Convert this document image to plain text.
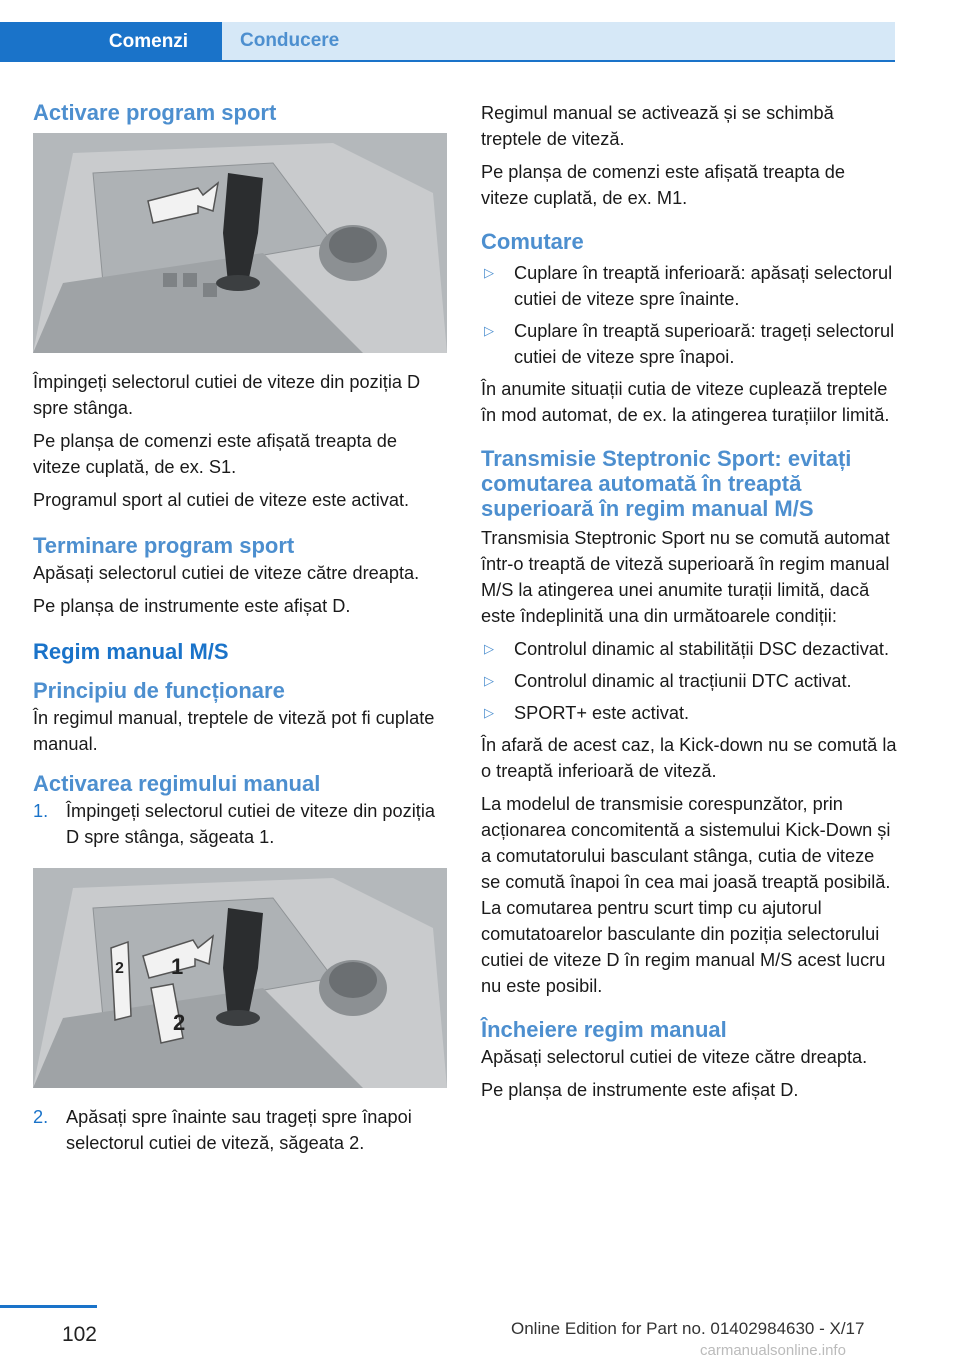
Comenzi	Conducere
Activare program sport

Împingeți selectorul cutiei de viteze din poziția D spre stânga.

Pe planșa de comenzi este afișată treapta de viteze cuplată, de ex. S1.

Programul sport al cutiei de viteze este activat.

Terminare program sport

Apăsați selectorul cutiei de viteze către dreapta.

Pe planșa de instrumente este afișat D.

Regim manual M/S
Principiu de funcționare

În regimul manual, treptele de viteză pot fi cuplate manual.

Activarea regimului manual
1. Împingeți selectorul cutiei de viteze din poziția D spre stânga, săgeata 1.
1
2
2
2. Apăsați spre înainte sau trageți spre înapoi selectorul cutiei de viteză, săgeata 2.

Regimul manual se activează și se schimbă treptele de viteză.

Pe planșa de comenzi este afișată treapta de viteze cuplată, de ex. M1.

Comutare
▷ Cuplare în treaptă inferioară: apăsați selectorul cutiei de viteze spre înainte.
▷ Cuplare în treaptă superioară: trageți selectorul cutiei de viteze spre înapoi.

În anumite situații cutia de viteze cuplează treptele în mod automat, de ex. la atingerea turațiilor limită.

Transmisie Steptronic Sport: evitați comutarea automată în treaptă superioară în regim manual M/S

Transmisia Steptronic Sport nu se comută automat într-o treaptă de viteză superioară în regim manual M/S la atingerea unei anumite turații limită, dacă este îndeplinită una din următoarele condiții:

▷ Controlul dinamic al stabilității DSC dezactivat.
▷ Controlul dinamic al tracțiunii DTC activat.
▷ SPORT+ este activat.

În afară de acest caz, la Kick-down nu se comută la o treaptă inferioară de viteză.

La modelul de transmisie corespunzător, prin acționarea concomitentă a sistemului Kick-Down și a comutatorului basculant stânga, cutia de viteze se comută înapoi în cea mai joasă treaptă posibilă. La comutarea pentru scurt timp cu ajutorul comutatoarelor basculante din poziția selectorului cutiei de viteze D în regim manual M/S acest lucru nu este posibil.

Încheiere regim manual

Apăsați selectorul cutiei de viteze către dreapta.

Pe planșa de instrumente este afișat D.

102	Online Edition for Part no. 01402984630 - X/17
carmanualsonline.info
